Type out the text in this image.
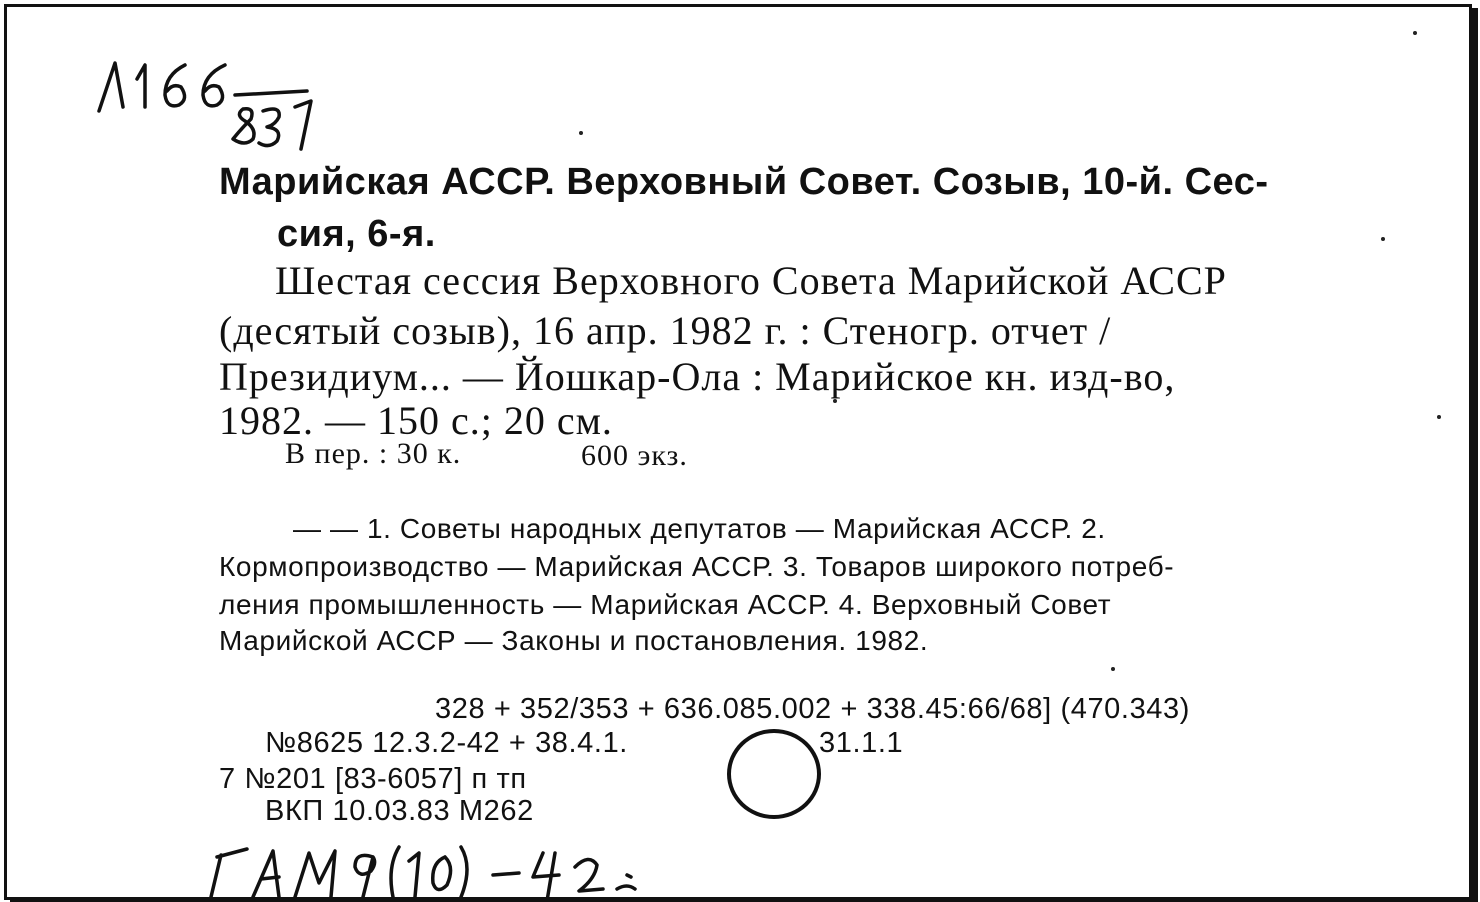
Марийская АССР. Верховный Совет. Созыв, 10-й. Сес-
сия, 6-я.
Шестая сессия Верховного Совета Марийской АССР
(десятый созыв), 16 апр. 1982 г. : Стеногр. отчет /
Президиум... — Йошкар-Ола : Марийское кн. изд-во,
1982. — 150 с.; 20 см.
В пер. : 30 к.	600 экз.
— — 1. Советы народных депутатов — Марийская АССР. 2.
Кормопроизводство — Марийская АССР. 3. Товаров широкого потреб-
ления промышленность — Марийская АССР. 4. Верховный Совет
Марийской АССР — Законы и постановления. 1982.
328 + 352/353 + 636.085.002 + 338.45:66/68] (470.343)
№8625 12.3.2-42 + 38.4.1.	31.1.1
7 №201 [83-6057] п тп
ВКП 10.03.83 М262
